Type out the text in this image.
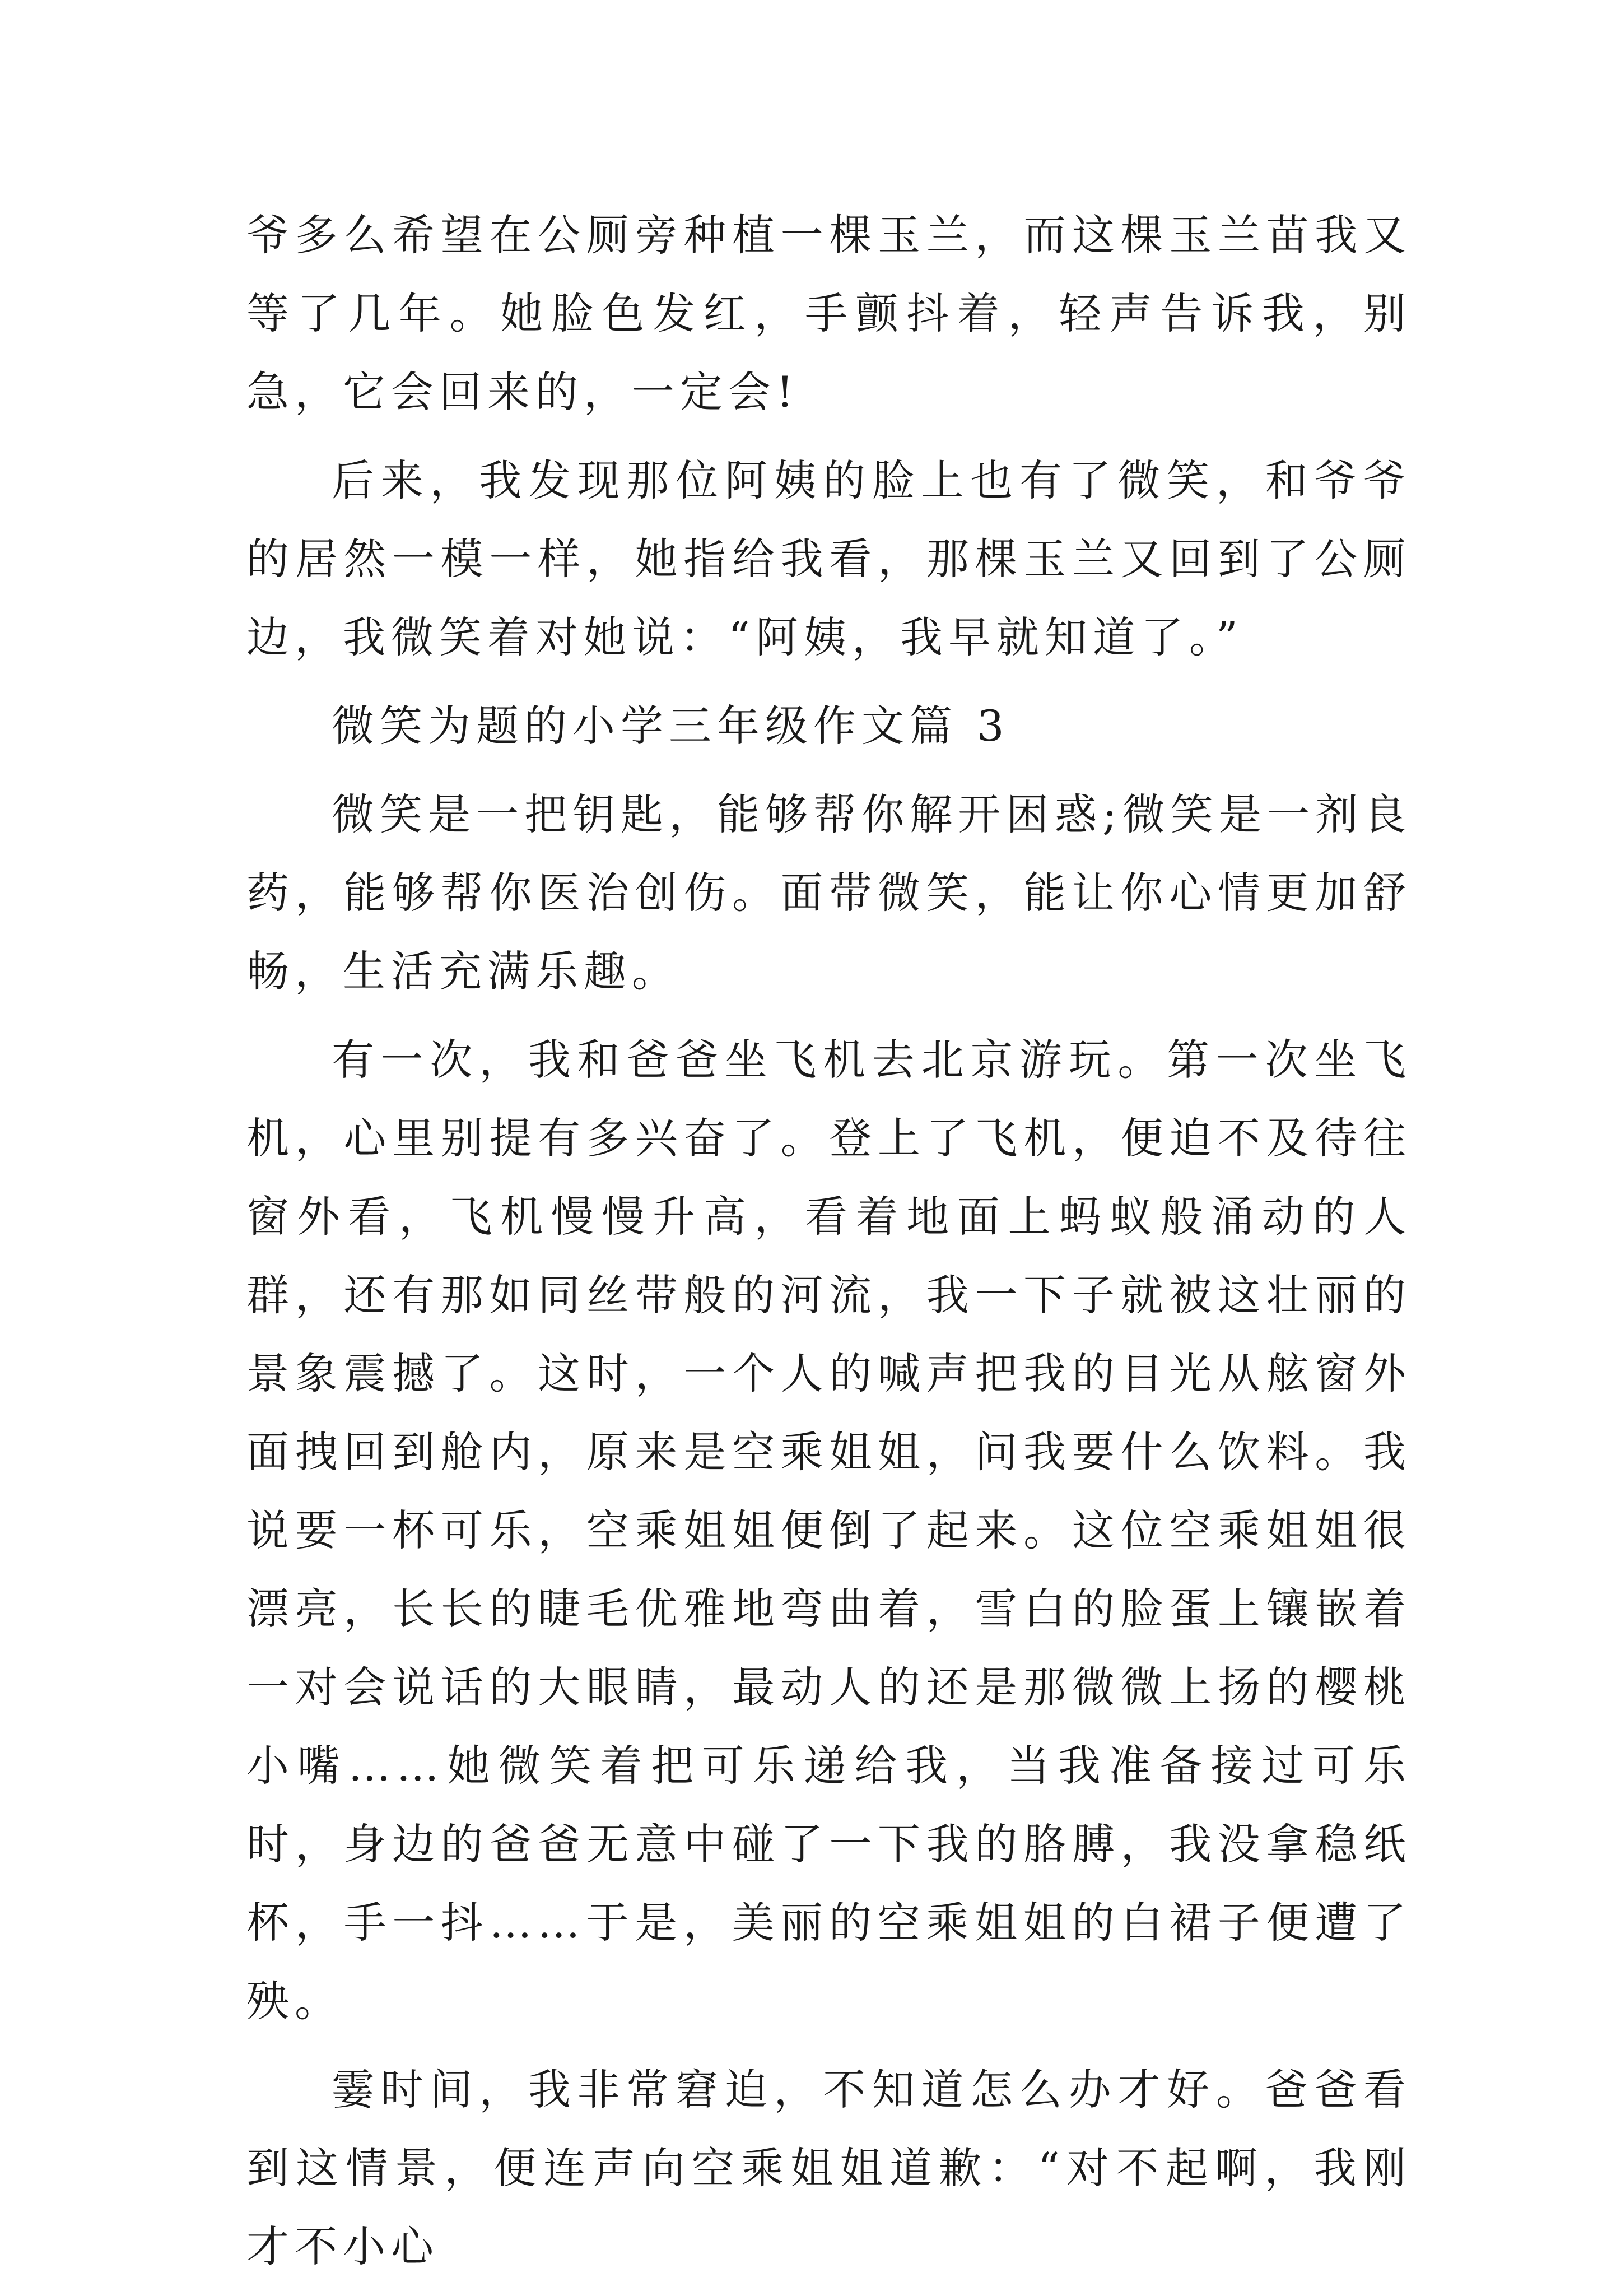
爷多么希望在公厕旁种植一棵玉兰，而这棵玉兰苗我又等了几年。她脸色发红，手颤抖着，轻声告诉我，别急，它会回来的，一定会!

后来，我发现那位阿姨的脸上也有了微笑，和爷爷的居然一模一样，她指给我看，那棵玉兰又回到了公厕边，我微笑着对她说：“阿姨，我早就知道了。”

微笑为题的小学三年级作文篇 3

微笑是一把钥匙，能够帮你解开困惑;微笑是一剂良药，能够帮你医治创伤。面带微笑，能让你心情更加舒畅，生活充满乐趣。

有一次，我和爸爸坐飞机去北京游玩。第一次坐飞机，心里别提有多兴奋了。登上了飞机，便迫不及待往窗外看，飞机慢慢升高，看着地面上蚂蚁般涌动的人群，还有那如同丝带般的河流，我一下子就被这壮丽的景象震撼了。这时，一个人的喊声把我的目光从舷窗外面拽回到舱内，原来是空乘姐姐，问我要什么饮料。我说要一杯可乐，空乘姐姐便倒了起来。这位空乘姐姐很漂亮，长长的睫毛优雅地弯曲着，雪白的脸蛋上镶嵌着一对会说话的大眼睛，最动人的还是那微微上扬的樱桃小嘴……她微笑着把可乐递给我，当我准备接过可乐时，身边的爸爸无意中碰了一下我的胳膊，我没拿稳纸杯，手一抖……于是，美丽的空乘姐姐的白裙子便遭了殃。

霎时间，我非常窘迫，不知道怎么办才好。爸爸看到这情景，便连声向空乘姐姐道歉：“对不起啊，我刚才不小心
